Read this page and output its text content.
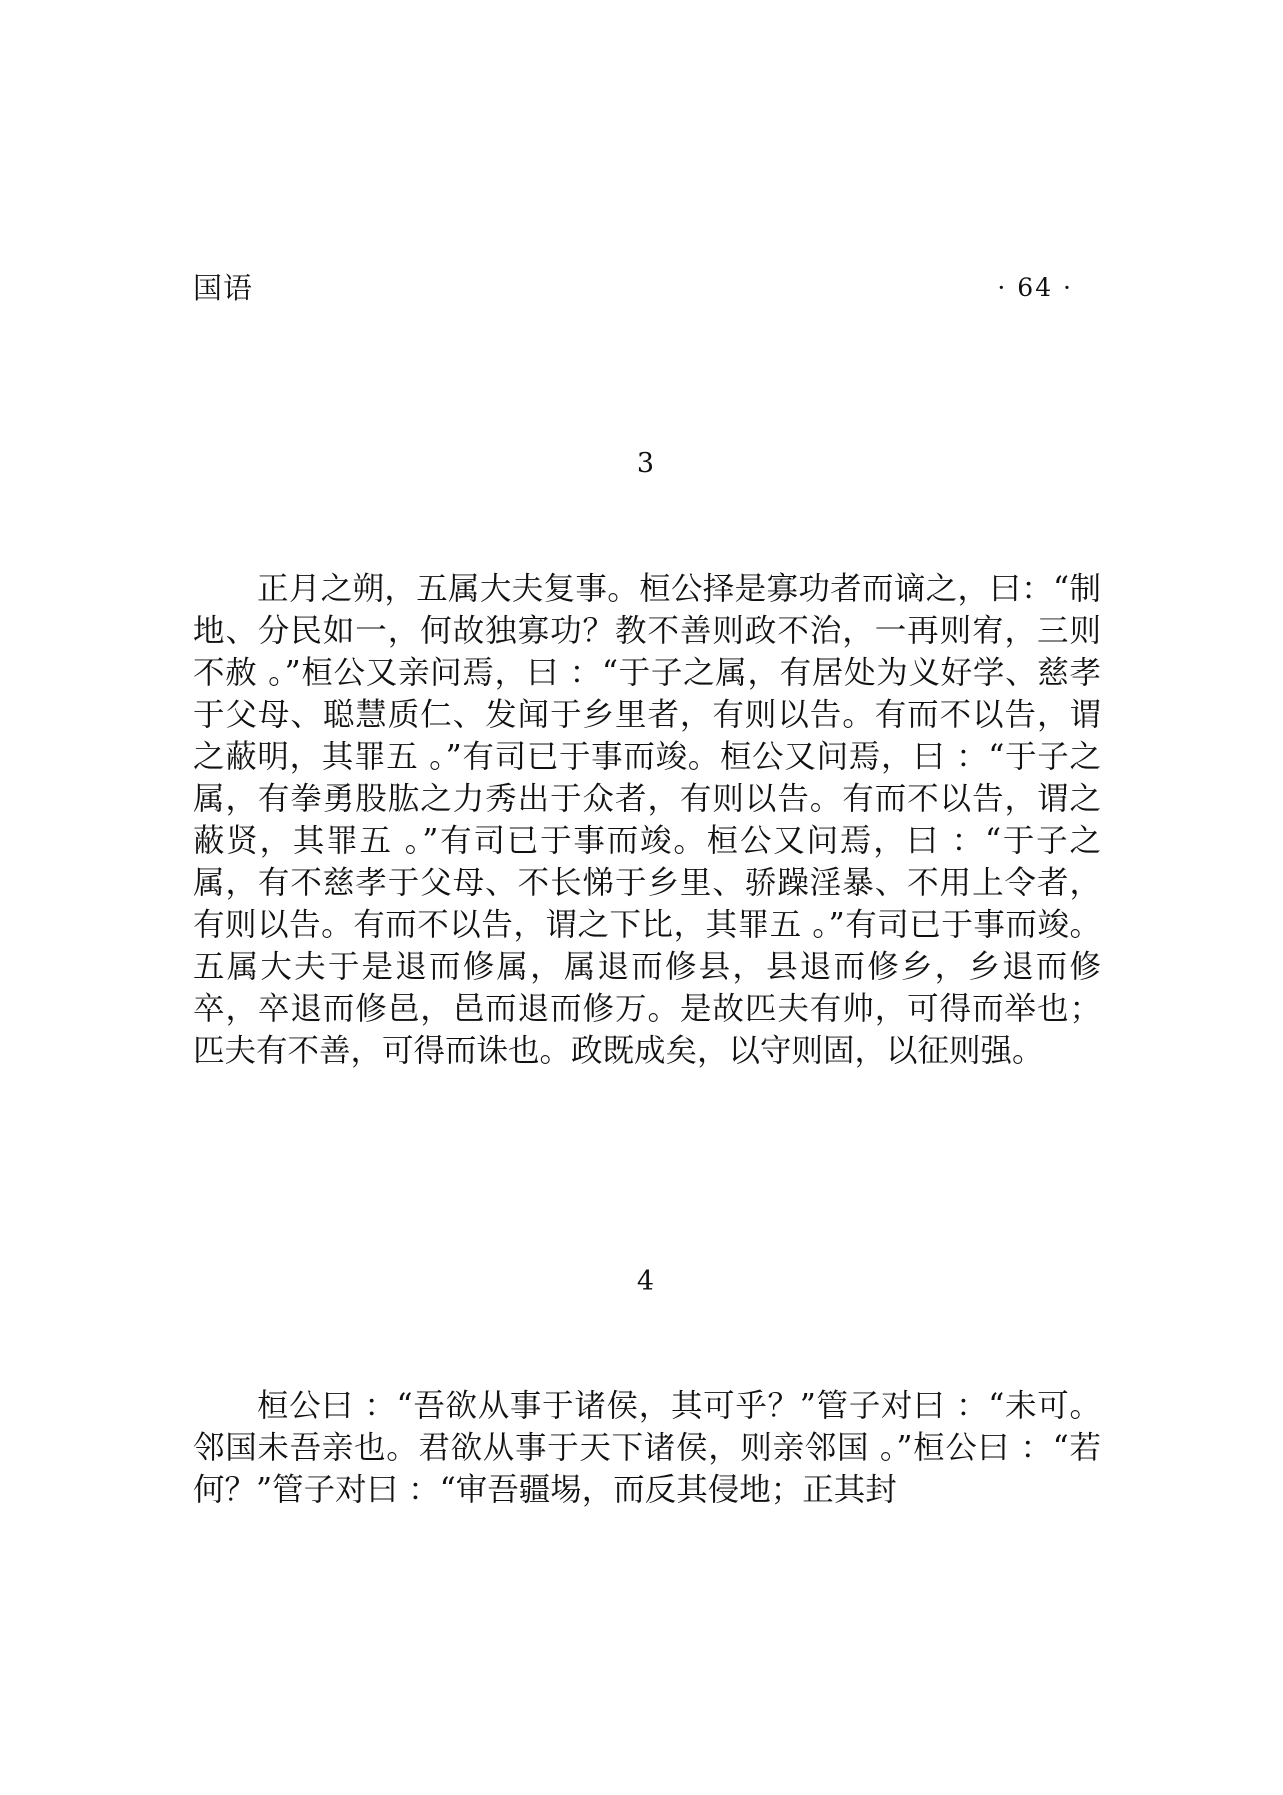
国语	· 64 ·
3

正月之朔，五属大夫复事。桓公择是寡功者而谪之，曰：“制地、分民如一，何故独寡功？教不善则政不治，一再则宥，三则不赦 。”桓公又亲问焉，曰 ：“于子之属，有居处为义好学、慈孝于父母、聪慧质仁、发闻于乡里者，有则以告。有而不以告，谓之蔽明，其罪五 。”有司已于事而竣。桓公又问焉，曰 ：“于子之属，有拳勇股肱之力秀出于众者，有则以告。有而不以告，谓之蔽贤，其罪五 。”有司已于事而竣。桓公又问焉，曰 ：“于子之属，有不慈孝于父母、不长悌于乡里、骄躁淫暴、不用上令者，有则以告。有而不以告，谓之下比，其罪五 。”有司已于事而竣。五属大夫于是退而修属，属退而修县，县退而修乡，乡退而修卒，卒退而修邑，邑而退而修万。是故匹夫有帅，可得而举也；匹夫有不善，可得而诛也。政既成矣，以守则固，以征则强。

4

桓公曰 ：“吾欲从事于诸侯，其可乎？”管子对曰 ：“未可。邻国未吾亲也。君欲从事于天下诸侯，则亲邻国 。”桓公曰 ：“若何？”管子对曰 ：“审吾疆埸，而反其侵地；正其封
